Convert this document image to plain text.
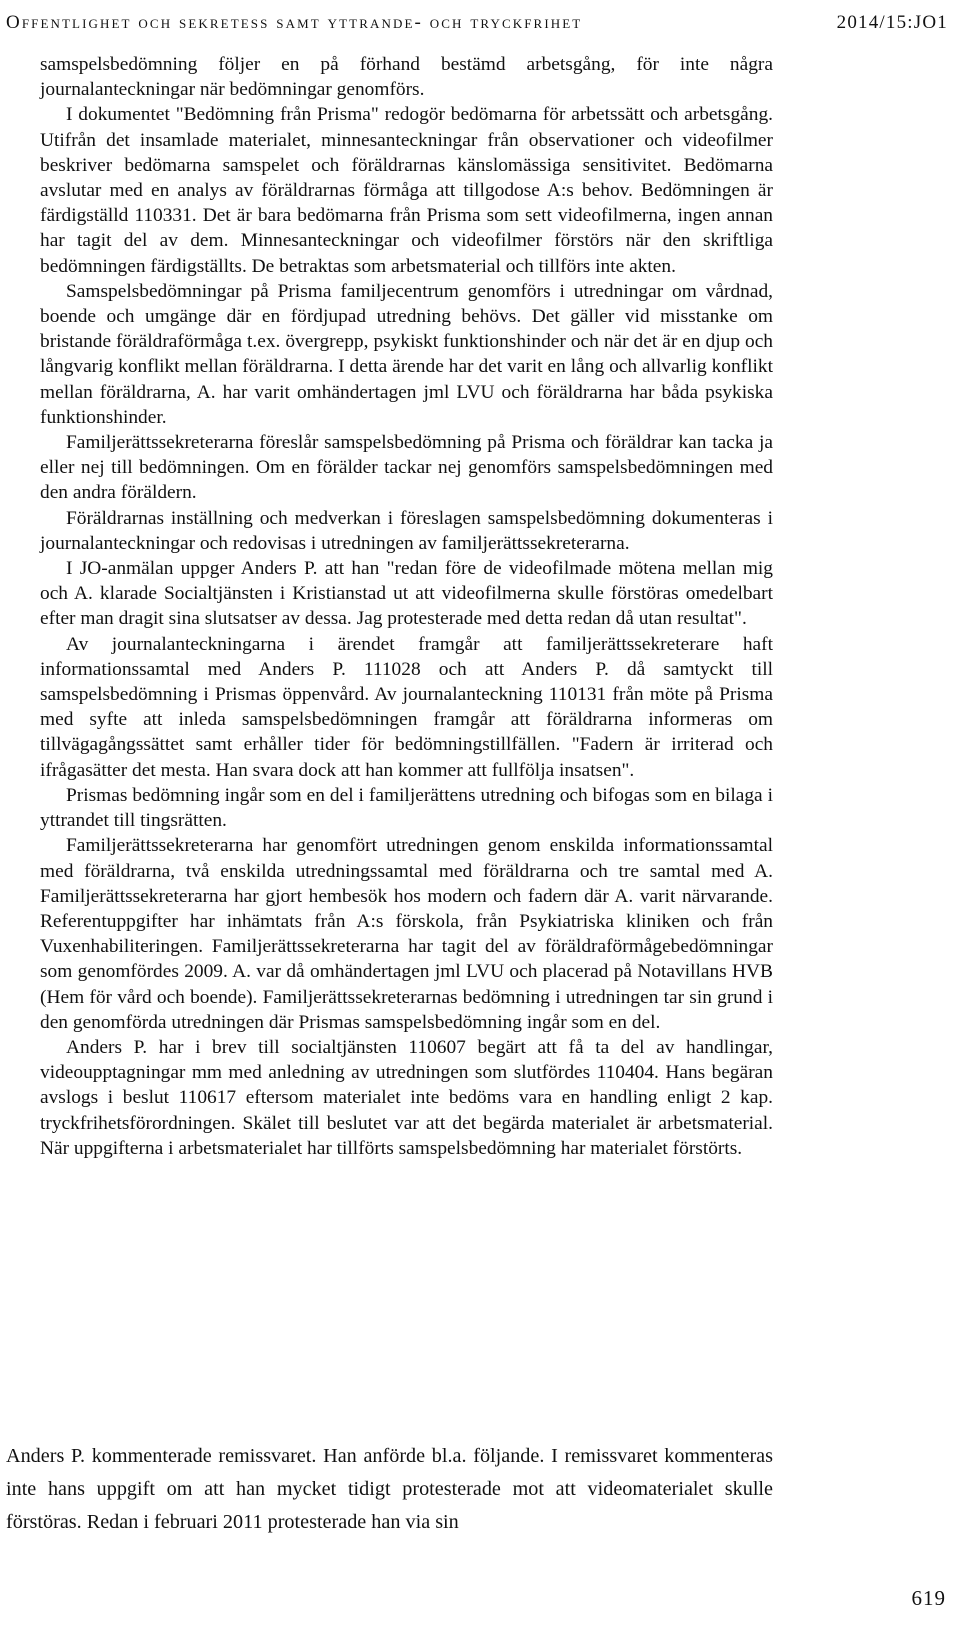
Offentlighet och sekretess samt yttrande- och tryckfrihet	2014/15:JO1

samspelsbedömning följer en på förhand bestämd arbetsgång, för inte några journalanteckningar när bedömningar genomförs.

I dokumentet "Bedömning från Prisma" redogör bedömarna för arbetssätt och arbetsgång. Utifrån det insamlade materialet, minnesanteckningar från observationer och videofilmer beskriver bedömarna samspelet och föräldrarnas känslomässiga sensitivitet. Bedömarna avslutar med en analys av föräldrarnas förmåga att tillgodose A:s behov. Bedömningen är färdigställd 110331. Det är bara bedömarna från Prisma som sett videofilmerna, ingen annan har tagit del av dem. Minnesanteckningar och videofilmer förstörs när den skriftliga bedömningen färdigställts. De betraktas som arbetsmaterial och tillförs inte akten.

Samspelsbedömningar på Prisma familjecentrum genomförs i utredningar om vårdnad, boende och umgänge där en fördjupad utredning behövs. Det gäller vid misstanke om bristande föräldraförmåga t.ex. övergrepp, psykiskt funktionshinder och när det är en djup och långvarig konflikt mellan föräldrarna. I detta ärende har det varit en lång och allvarlig konflikt mellan föräldrarna, A. har varit omhändertagen jml LVU och föräldrarna har båda psykiska funktionshinder.

Familjerättssekreterarna föreslår samspelsbedömning på Prisma och föräldrar kan tacka ja eller nej till bedömningen. Om en förälder tackar nej genomförs samspelsbedömningen med den andra föräldern.

Föräldrarnas inställning och medverkan i föreslagen samspelsbedömning dokumenteras i journalanteckningar och redovisas i utredningen av familjerättssekreterarna.

I JO-anmälan uppger Anders P. att han "redan före de videofilmade mötena mellan mig och A. klarade Socialtjänsten i Kristianstad ut att videofilmerna skulle förstöras omedelbart efter man dragit sina slutsatser av dessa. Jag protesterade med detta redan då utan resultat".

Av journalanteckningarna i ärendet framgår att familjerättssekreterare haft informationssamtal med Anders P. 111028 och att Anders P. då samtyckt till samspelsbedömning i Prismas öppenvård. Av journalanteckning 110131 från möte på Prisma med syfte att inleda samspelsbedömningen framgår att föräldrarna informeras om tillvägagångssättet samt erhåller tider för bedömningstillfällen. "Fadern är irriterad och ifrågasätter det mesta. Han svara dock att han kommer att fullfölja insatsen".

Prismas bedömning ingår som en del i familjerättens utredning och bifogas som en bilaga i yttrandet till tingsrätten.

Familjerättssekreterarna har genomfört utredningen genom enskilda informationssamtal med föräldrarna, två enskilda utredningssamtal med föräldrarna och tre samtal med A. Familjerättssekreterarna har gjort hembesök hos modern och fadern där A. varit närvarande. Referentuppgifter har inhämtats från A:s förskola, från Psykiatriska kliniken och från Vuxenhabiliteringen. Familjerättssekreterarna har tagit del av föräldraförmågebedömningar som genomfördes 2009. A. var då omhändertagen jml LVU och placerad på Notavillans HVB (Hem för vård och boende). Familjerättssekreterarnas bedömning i utredningen tar sin grund i den genomförda utredningen där Prismas samspelsbedömning ingår som en del.

Anders P. har i brev till socialtjänsten 110607 begärt att få ta del av handlingar, videoupptagningar mm med anledning av utredningen som slutfördes 110404. Hans begäran avslogs i beslut 110617 eftersom materialet inte bedöms vara en handling enligt 2 kap. tryckfrihetsförordningen. Skälet till beslutet var att det begärda materialet är arbetsmaterial. När uppgifterna i arbetsmaterialet har tillförts samspelsbedömning har materialet förstörts.

Anders P. kommenterade remissvaret. Han anförde bl.a. följande. I remissvaret kommenteras inte hans uppgift om att han mycket tidigt protesterade mot att videomaterialet skulle förstöras. Redan i februari 2011 protesterade han via sin

619
